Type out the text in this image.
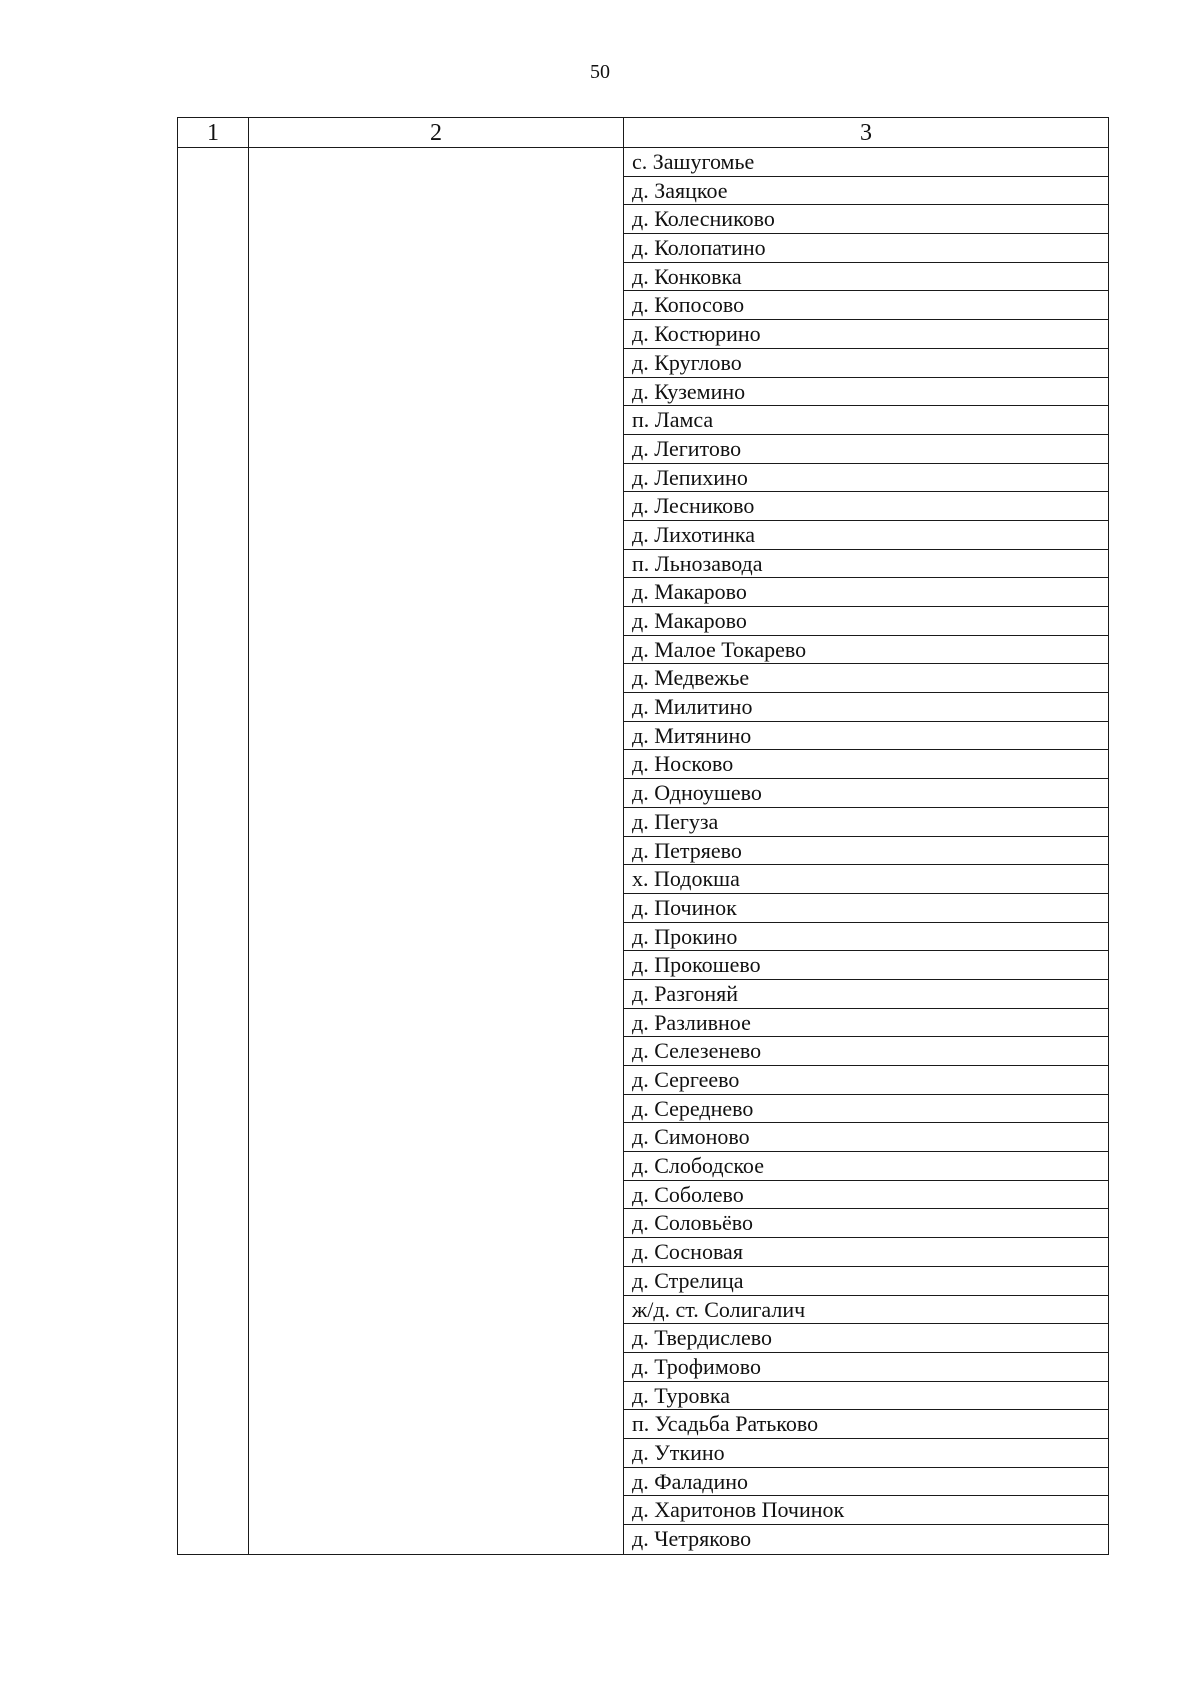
50
1	2	3
с. Зашугомье
д. Заяцкое
д. Колесниково
д. Колопатино
д. Конковка
д. Копосово
д. Костюрино
д. Круглово
д. Куземино
п. Ламса
д. Легитово
д. Лепихино
д. Лесниково
д. Лихотинка
п. Льнозавода
д. Макарово
д. Макарово
д. Малое Токарево
д. Медвежье
д. Милитино
д. Митянино
д. Носково
д. Одноушево
д. Пегуза
д. Петряево
х. Подокша
д. Починок
д. Прокино
д. Прокошево
д. Разгоняй
д. Разливное
д. Селезенево
д. Сергеево
д. Середнево
д. Симоново
д. Слободское
д. Соболево
д. Соловьёво
д. Сосновая
д. Стрелица
ж/д. ст. Солигалич
д. Твердислево
д. Трофимово
д. Туровка
п. Усадьба Ратьково
д. Уткино
д. Фаладино
д. Харитонов Починок
д. Четряково
